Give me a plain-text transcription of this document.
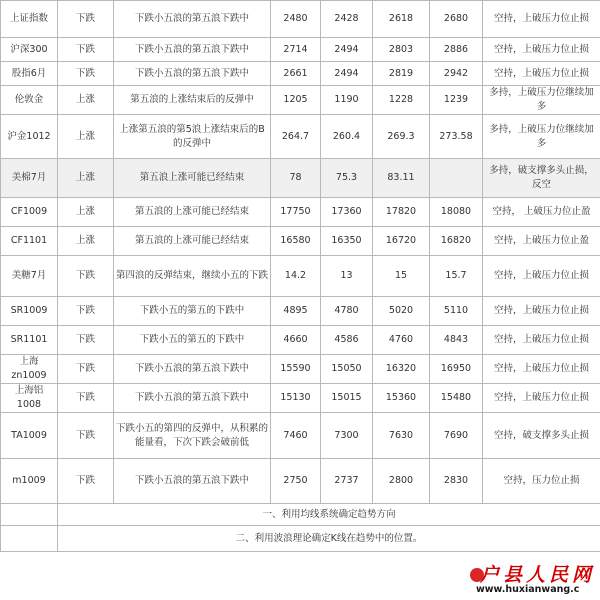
上证指数	下跌	下跌小五浪的第五浪下跌中	2480	2428	2618	2680	空持，上破压力位止损
沪深300	下跌	下跌小五浪的第五浪下跌中	2714	2494	2803	2886	空持，上破压力位止损
股指6月	下跌	下跌小五浪的第五浪下跌中	2661	2494	2819	2942	空持，上破压力位止损
伦敦金	上涨	第五浪的上涨结束后的反弹中	1205	1190	1228	1239	多持，上破压力位继续加多
沪金1012	上涨	上涨第五浪的第5浪上涨结束后的B的反弹中	264.7	260.4	269.3	273.58	多持，上破压力位继续加多
美棉7月	上涨	第五浪上涨可能已经结束	78	75.3	83.11		多持，破支撑多头止损，反空
CF1009	上涨	第五浪的上涨可能已经结束	17750	17360	17820	18080	空持， 上破压力位止盈
CF1101	上涨	第五浪的上涨可能已经结束	16580	16350	16720	16820	空持，上破压力位止盈
美糖7月	下跌	第四浪的反弹结束，继续小五的下跌	14.2	13	15	15.7	空持，上破压力位止损
SR1009	下跌	下跌小五的第五的下跌中	4895	4780	5020	5110	空持，上破压力位止损
SR1101	下跌	下跌小五的第五的下跌中	4660	4586	4760	4843	空持，上破压力位止损
上海zn1009	下跌	下跌小五浪的第五浪下跌中	15590	15050	16320	16950	空持，上破压力位止损
上海铝1008	下跌	下跌小五浪的第五浪下跌中	15130	15015	15360	15480	空持，上破压力位止损
TA1009	下跌	下跌小五的第四的反弹中，从积累的能量看，下次下跌会破前低	7460	7300	7630	7690	空持，破支撑多头止损
m1009	下跌	下跌小五浪的第五浪下跌中	2750	2737	2800	2830	空持，压力位止损
	一、利用均线系统确定趋势方向						
	二、利用波浪理论确定K线在趋势中的位置。						
户县人民网
www.huxianwang.c
